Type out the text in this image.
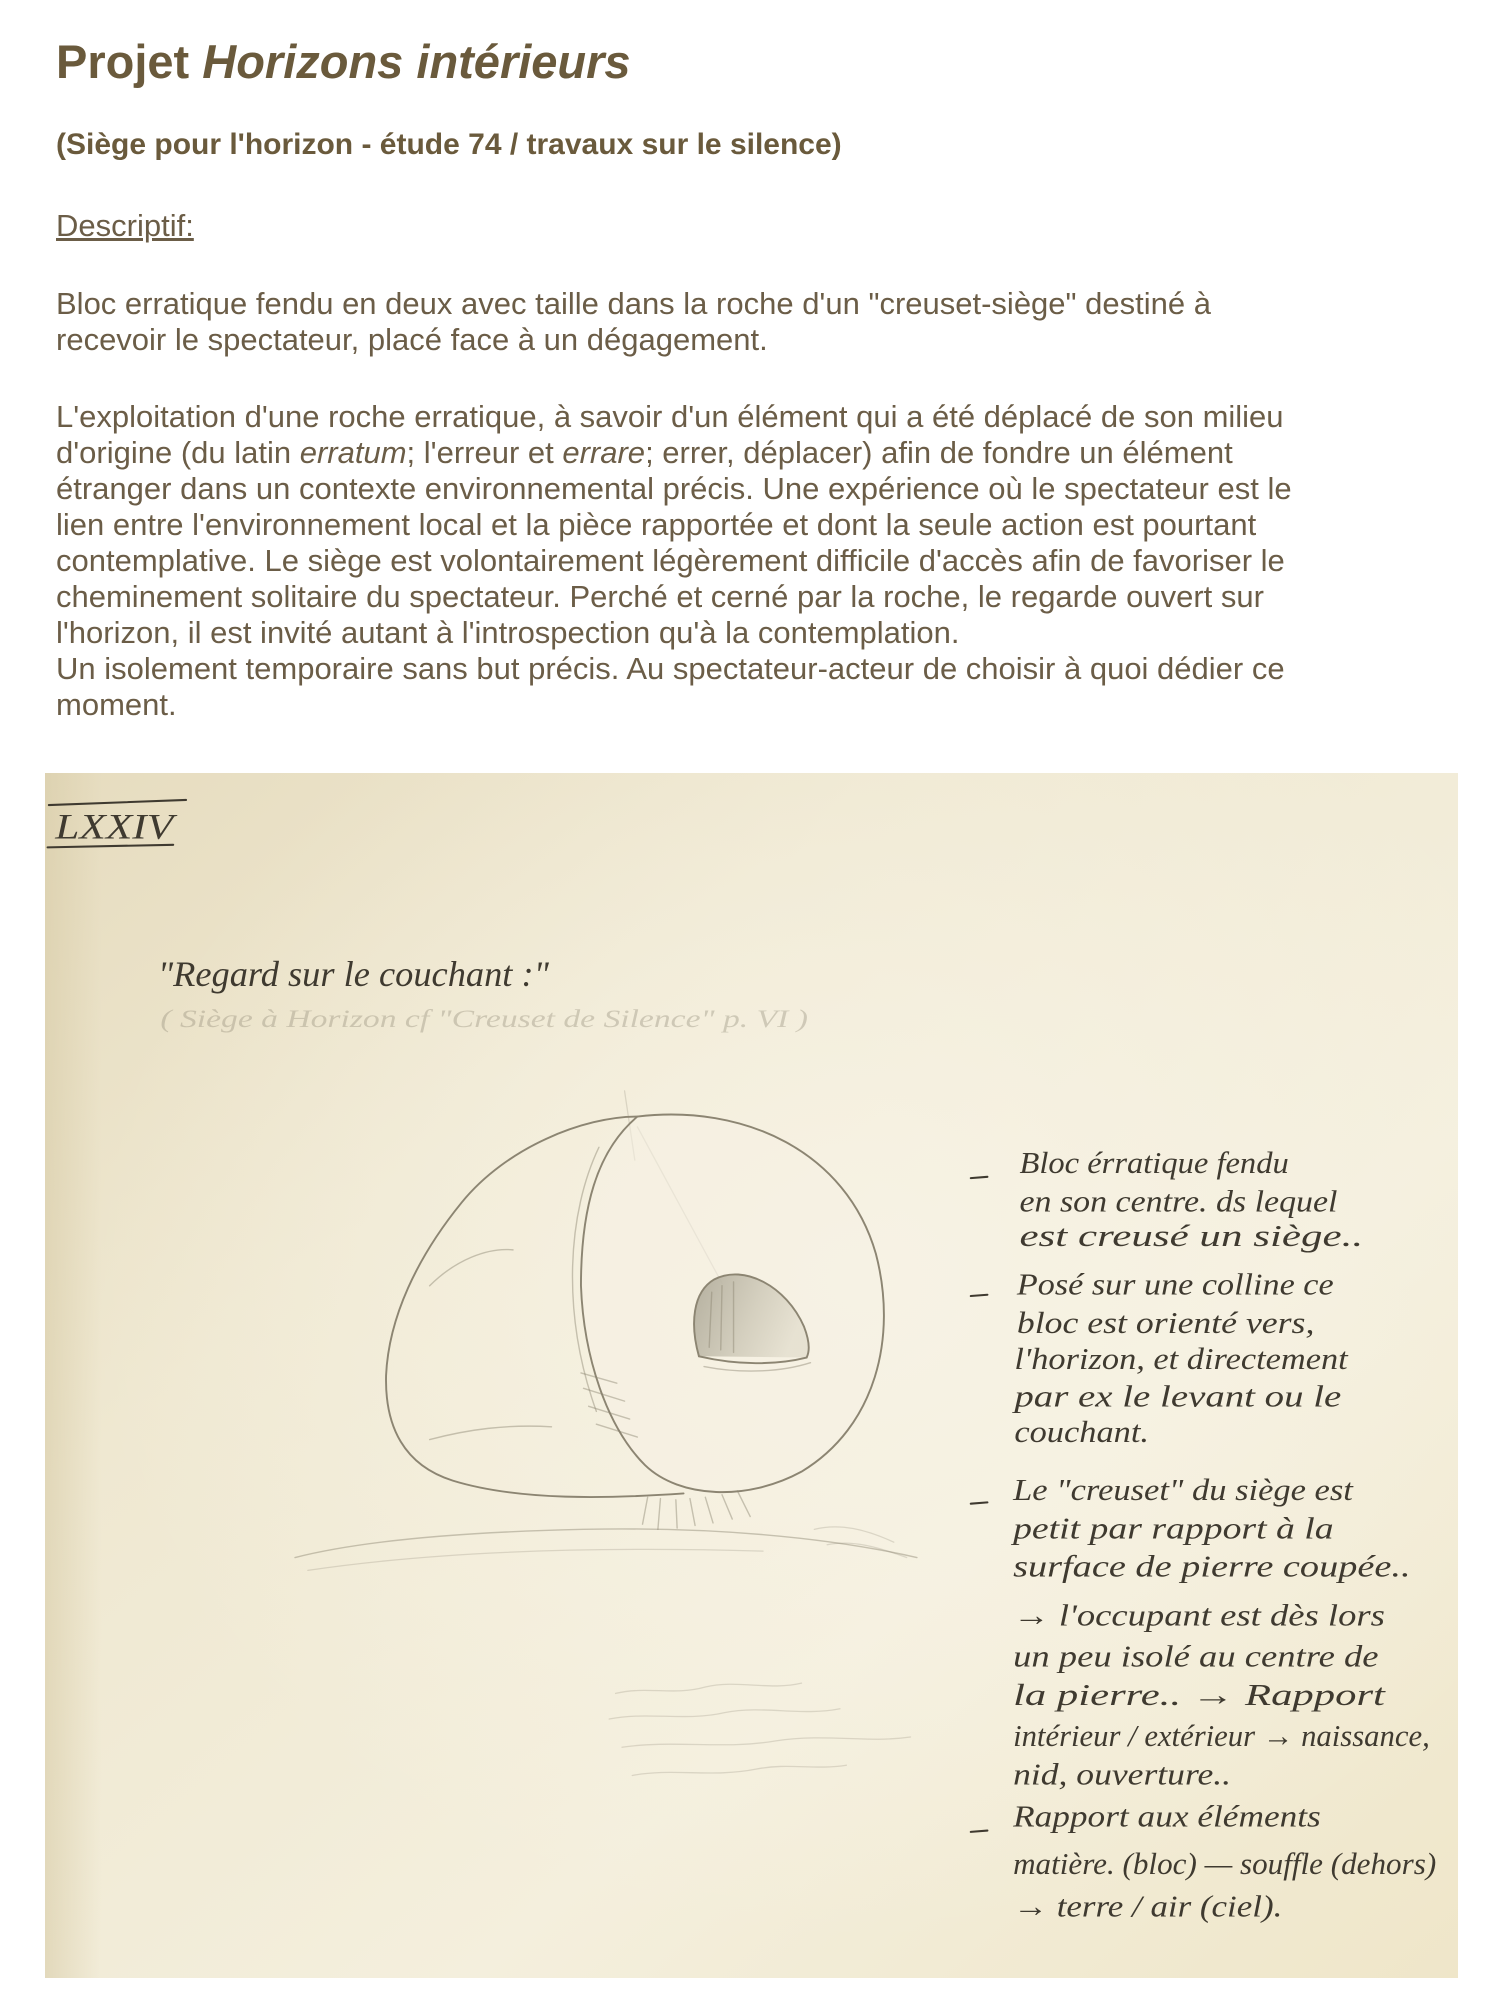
Projet Horizons intérieurs
(Siège pour l'horizon - étude 74 / travaux sur le silence)
Descriptif:

Bloc erratique fendu en deux avec taille dans la roche d'un "creuset-siège" destiné à
recevoir le spectateur, placé face à un dégagement.

L'exploitation d'une roche erratique, à savoir d'un élément qui a été déplacé de son milieu
d'origine (du latin erratum; l'erreur et errare; errer, déplacer) afin de fondre un élément
étranger dans un contexte environnemental précis. Une expérience où le spectateur est le
lien entre l'environnement local et la pièce rapportée et dont la seule action est pourtant
contemplative. Le siège est volontairement légèrement difficile d'accès afin de favoriser le
cheminement solitaire du spectateur. Perché et cerné par la roche, le regarde ouvert sur
l'horizon, il est invité autant à l'introspection qu'à la contemplation.
Un isolement temporaire sans but précis. Au spectateur-acteur de choisir à quoi dédier ce
moment.

LXXIV
"Regard sur le couchant :"
( Siège à Horizon cf "Creuset de Silence" p. VI )
Bloc érratique fendu
en son centre. ds lequel
est creusé un siège..
Posé sur une colline ce
bloc est orienté vers,
l'horizon, et directement
par ex le levant ou le
couchant.
Le "creuset" du siège est
petit par rapport à la
surface de pierre coupée..
→ l'occupant est dès lors
un peu isolé au centre de
la pierre.. → Rapport
intérieur / extérieur → naissance,
nid, ouverture..
Rapport aux éléments
matière. (bloc) — souffle (dehors)
→ terre / air (ciel).
